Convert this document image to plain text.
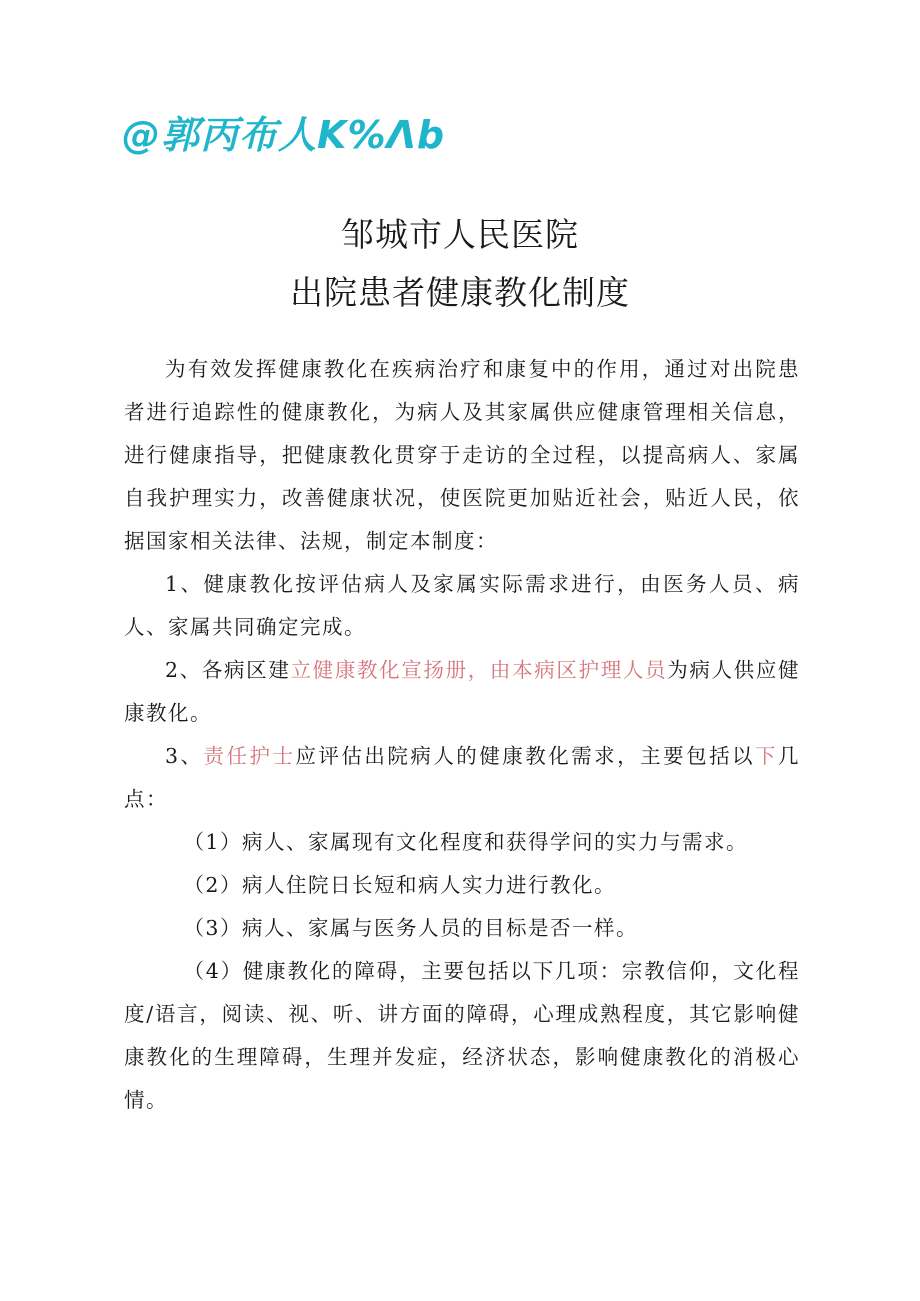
@郭丙布人K%Λb
邹城市人民医院
出院患者健康教化制度

为有效发挥健康教化在疾病治疗和康复中的作用，通过对出院患者进行追踪性的健康教化，为病人及其家属供应健康管理相关信息，进行健康指导，把健康教化贯穿于走访的全过程，以提高病人、家属自我护理实力，改善健康状况，使医院更加贴近社会，贴近人民，依据国家相关法律、法规，制定本制度：

1、健康教化按评估病人及家属实际需求进行，由医务人员、病人、家属共同确定完成。

2、各病区建立健康教化宣扬册，由本病区护理人员为病人供应健康教化。

3、责任护士应评估出院病人的健康教化需求，主要包括以下几点：

（1）病人、家属现有文化程度和获得学问的实力与需求。

（2）病人住院日长短和病人实力进行教化。

（3）病人、家属与医务人员的目标是否一样。

（4）健康教化的障碍，主要包括以下几项：宗教信仰，文化程度/语言，阅读、视、听、讲方面的障碍，心理成熟程度，其它影响健康教化的生理障碍，生理并发症，经济状态，影响健康教化的消极心情。
